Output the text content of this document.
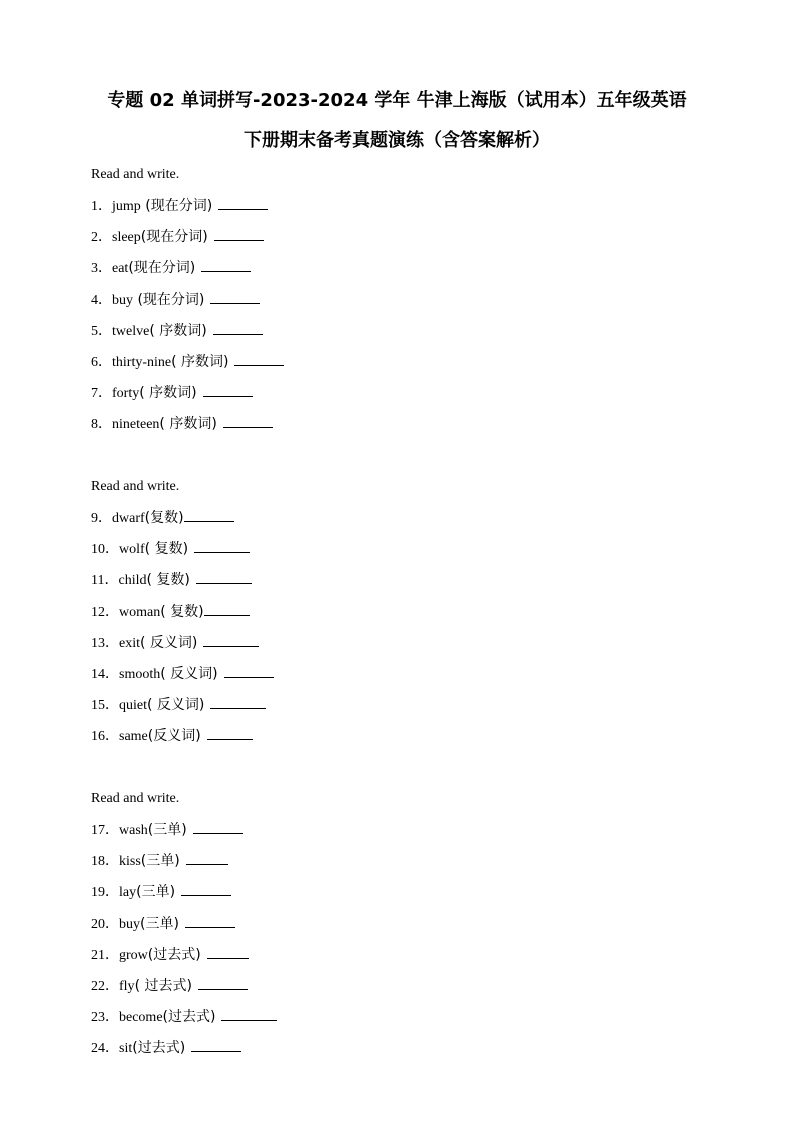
专题 02 单词拼写-2023-2024 学年 牛津上海版（试用本）五年级英语
下册期末备考真题演练（含答案解析）
Read and write.
1．jump (现在分词)
2．sleep(现在分词)
3．eat(现在分词)
4．buy (现在分词)
5．twelve( 序数词)
6．thirty-nine( 序数词)
7．forty( 序数词)
8．nineteen( 序数词)
Read and write.
9．dwarf(复数)
10．wolf( 复数)
11．child( 复数)
12．woman( 复数)
13．exit( 反义词)
14．smooth( 反义词)
15．quiet( 反义词)
16．same(反义词)
Read and write.
17．wash(三单)
18．kiss(三单)
19．lay(三单)
20．buy(三单)
21．grow(过去式)
22．fly( 过去式)
23．become(过去式)
24．sit(过去式)
